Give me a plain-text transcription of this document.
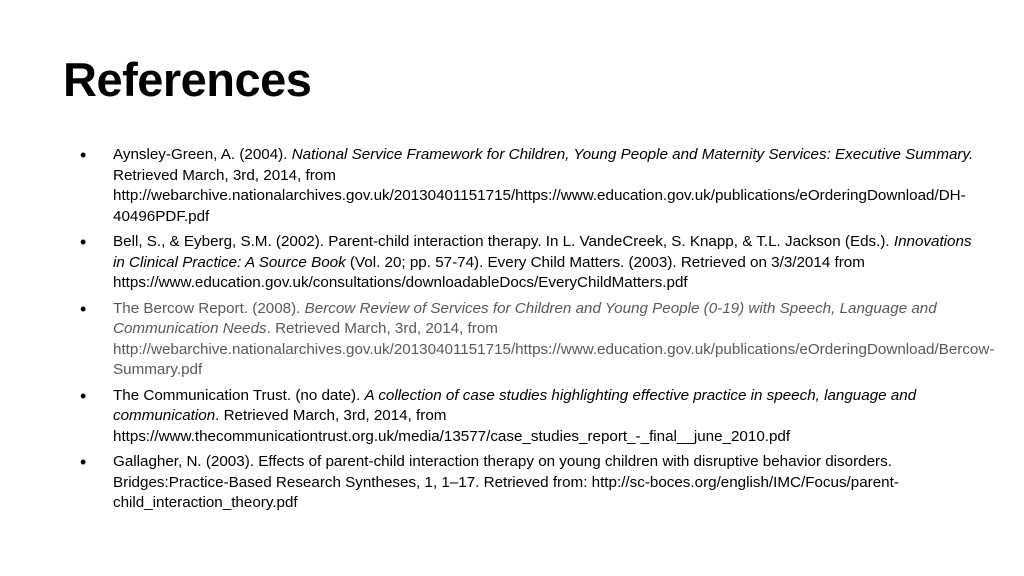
References
• Aynsley-Green, A. (2004). National Service Framework for Children, Young People and Maternity Services: Executive Summary. Retrieved March, 3rd, 2014, from
http://webarchive.nationalarchives.gov.uk/20130401151715/https://www.education.gov.uk/publications/eOrderingDownload/DH-40496PDF.pdf
• Bell, S., & Eyberg, S.M. (2002). Parent-child interaction therapy. In L. VandeCreek, S. Knapp, & T.L. Jackson (Eds.). Innovations in Clinical Practice: A Source Book (Vol. 20; pp. 57-74). Every Child Matters. (2003). Retrieved on 3/3/2014 from
https://www.education.gov.uk/consultations/downloadableDocs/EveryChildMatters.pdf
• The Bercow Report. (2008). Bercow Review of Services for Children and Young People (0-19) with Speech, Language and Communication Needs. Retrieved March, 3rd, 2014, from
http://webarchive.nationalarchives.gov.uk/20130401151715/https://www.education.gov.uk/publications/eOrderingDownload/Bercow-Summary.pdf
• The Communication Trust. (no date). A collection of case studies highlighting effective practice in speech, language and communication. Retrieved March, 3rd, 2014, from
https://www.thecommunicationtrust.org.uk/media/13577/case_studies_report_-_final__june_2010.pdf
• Gallagher, N. (2003). Effects of parent-child interaction therapy on young children with disruptive behavior disorders. Bridges:Practice-Based Research Syntheses, 1, 1–17. Retrieved from: http://sc-boces.org/english/IMC/Focus/parent-child_interaction_theory.pdf
